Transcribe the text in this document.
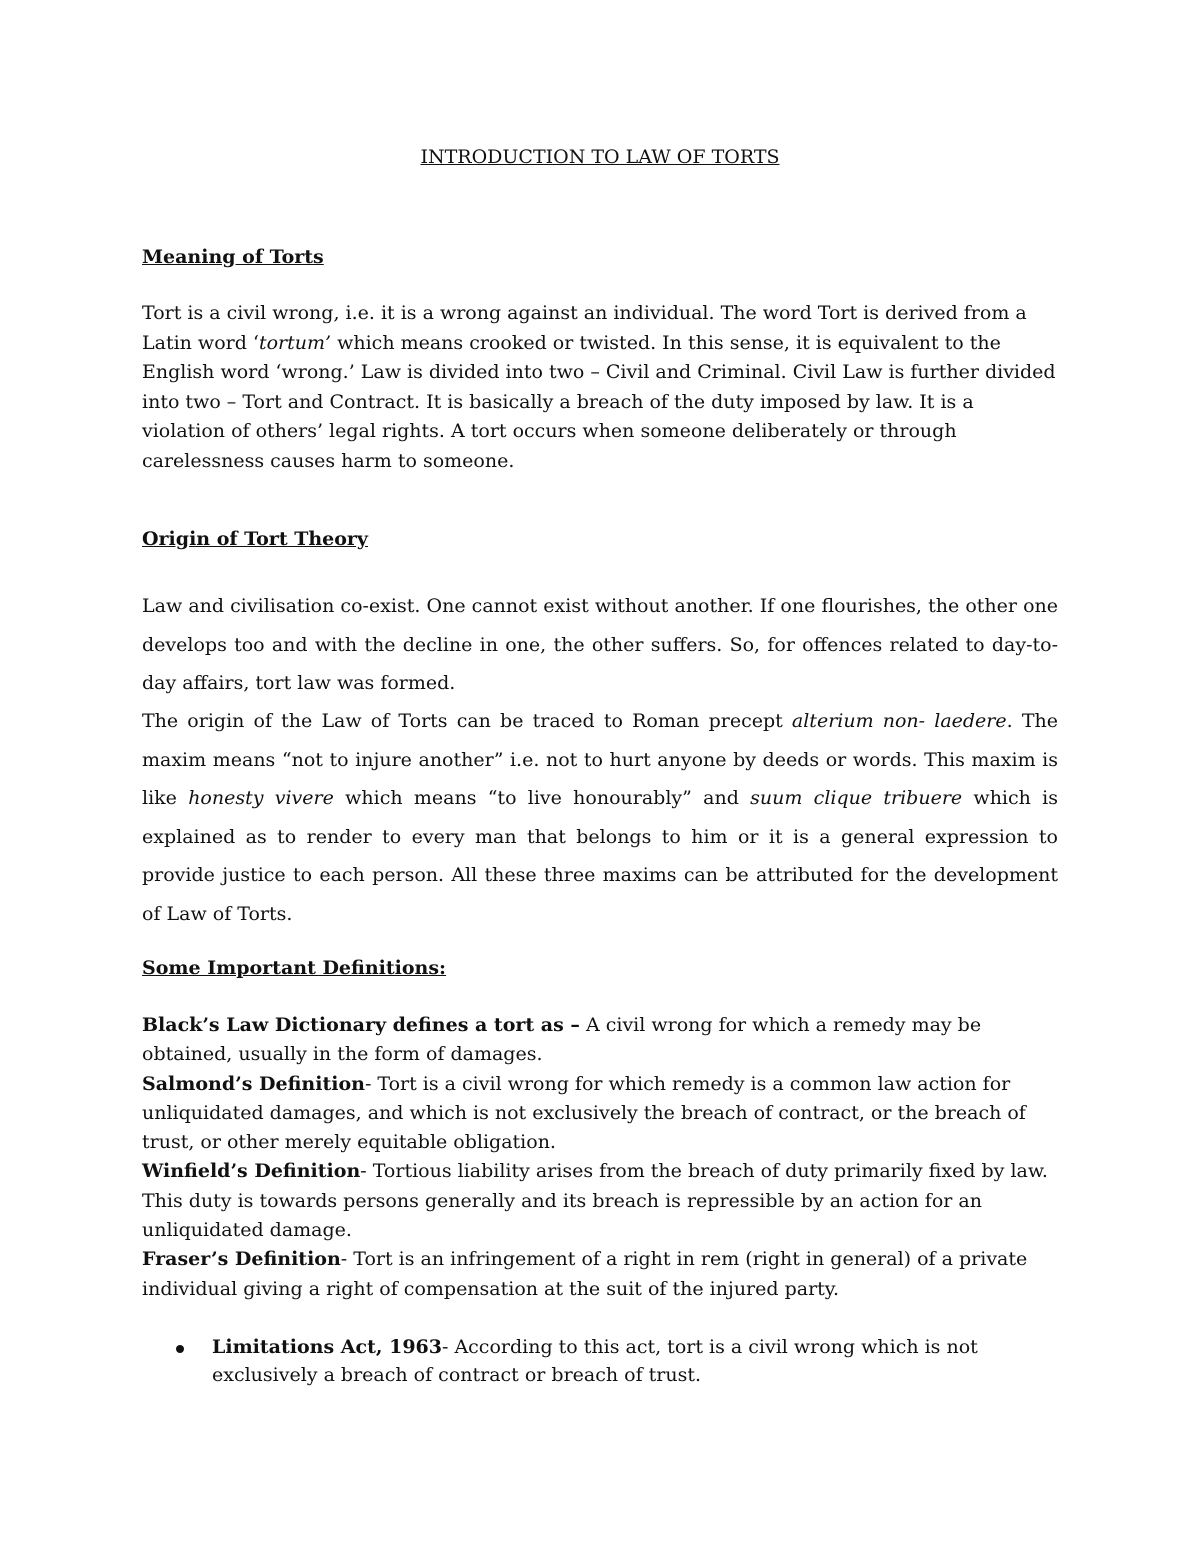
INTRODUCTION TO LAW OF TORTS
Meaning of Torts

Tort is a civil wrong, i.e. it is a wrong against an individual. The word Tort is derived from a Latin word ‘tortum’ which means crooked or twisted. In this sense, it is equivalent to the English word ‘wrong.’ Law is divided into two – Civil and Criminal. Civil Law is further divided into two – Tort and Contract. It is basically a breach of the duty imposed by law. It is a violation of others’ legal rights. A tort occurs when someone deliberately or through carelessness causes harm to someone.

Origin of Tort Theory

Law and civilisation co-exist. One cannot exist without another. If one flourishes, the other one develops too and with the decline in one, the other suffers. So, for offences related to day-to-day affairs, tort law was formed.

The origin of the Law of Torts can be traced to Roman precept alterium non- laedere. The maxim means “not to injure another” i.e. not to hurt anyone by deeds or words. This maxim is like honesty vivere which means “to live honourably” and suum clique tribuere which is explained as to render to every man that belongs to him or it is a general expression to provide justice to each person. All these three maxims can be attributed for the development of Law of Torts.

Some Important Definitions:
Black’s Law Dictionary defines a tort as – A civil wrong for which a remedy may be obtained, usually in the form of damages.
Salmond’s Definition- Tort is a civil wrong for which remedy is a common law action for unliquidated damages, and which is not exclusively the breach of contract, or the breach of trust, or other merely equitable obligation.
Winfield’s Definition- Tortious liability arises from the breach of duty primarily fixed by law. This duty is towards persons generally and its breach is repressible by an action for an unliquidated damage.
Fraser’s Definition- Tort is an infringement of a right in rem (right in general) of a private individual giving a right of compensation at the suit of the injured party.
Limitations Act, 1963- According to this act, tort is a civil wrong which is not exclusively a breach of contract or breach of trust.
